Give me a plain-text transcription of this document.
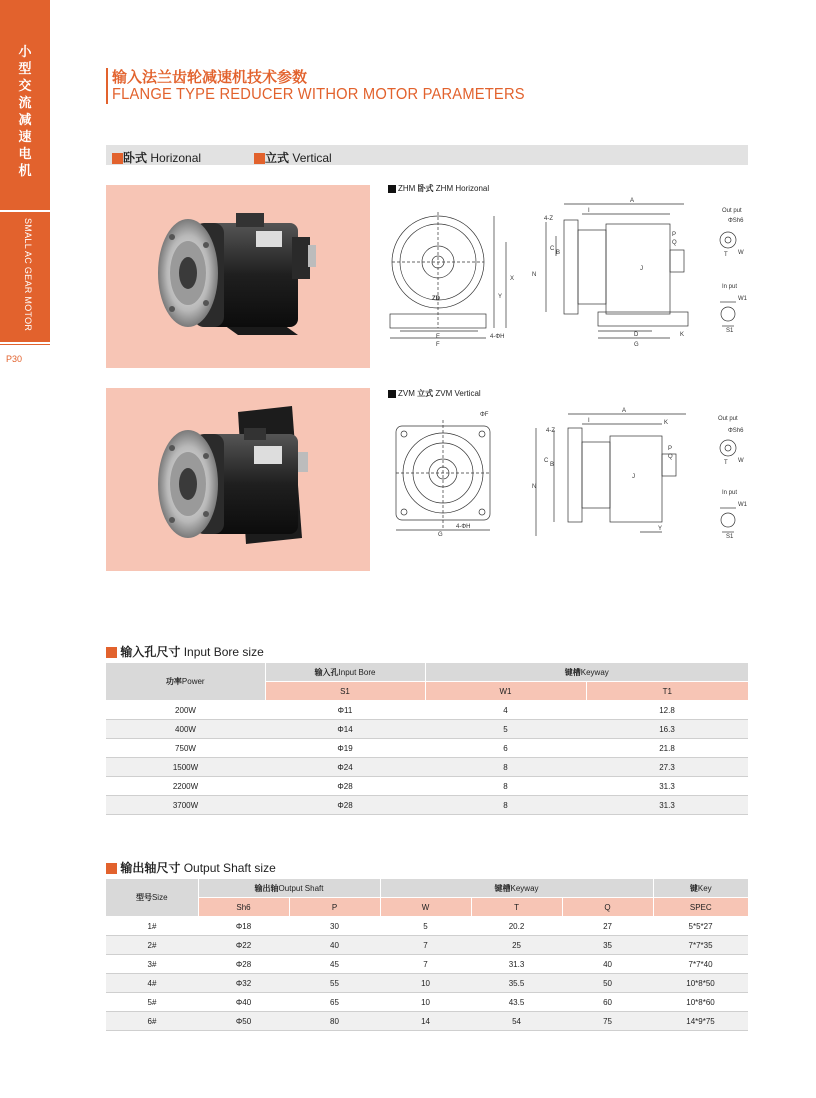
小
型
交
流
减
速
电
机
SMALL AC GEAR MOTOR
P30
输入法兰齿轮减速机技术参数
FLANGE TYPE REDUCER WITHOR MOTOR PARAMETERS
卧式 Horizonal	立式 Vertical
ZHM 卧式 ZHM Horizonal
ZVM 立式 ZVM Vertical
ZD
E
F
4-ΦH
X
Y
N
4-Z
C
B
A
I
J
P
Q
D
G
K
Out put
ΦSh6
T W
In put
W1
S1
ΦF
G
4-ΦH
N
4-Z
C
B
A
I	K
J
P
Q
Y
Out put
ΦSh6
T W
In put
W1
S1
输入孔尺寸 Input Bore size
功率Power	输入孔Input Bore	键槽Keyway	
	S1	W1	T1
200W	Φ11	4	12.8
400W	Φ14	5	16.3
750W	Φ19	6	21.8
1500W	Φ24	8	27.3
2200W	Φ28	8	31.3
3700W	Φ28	8	31.3
输出轴尺寸 Output Shaft size
型号Size	输出轴Output Shaft		键槽Keyway			键Key
	Sh6	P	W	T	Q	SPEC
1#	Φ18	30	5	20.2	27	5*5*27
2#	Φ22	40	7	25	35	7*7*35
3#	Φ28	45	7	31.3	40	7*7*40
4#	Φ32	55	10	35.5	50	10*8*50
5#	Φ40	65	10	43.5	60	10*8*60
6#	Φ50	80	14	54	75	14*9*75
